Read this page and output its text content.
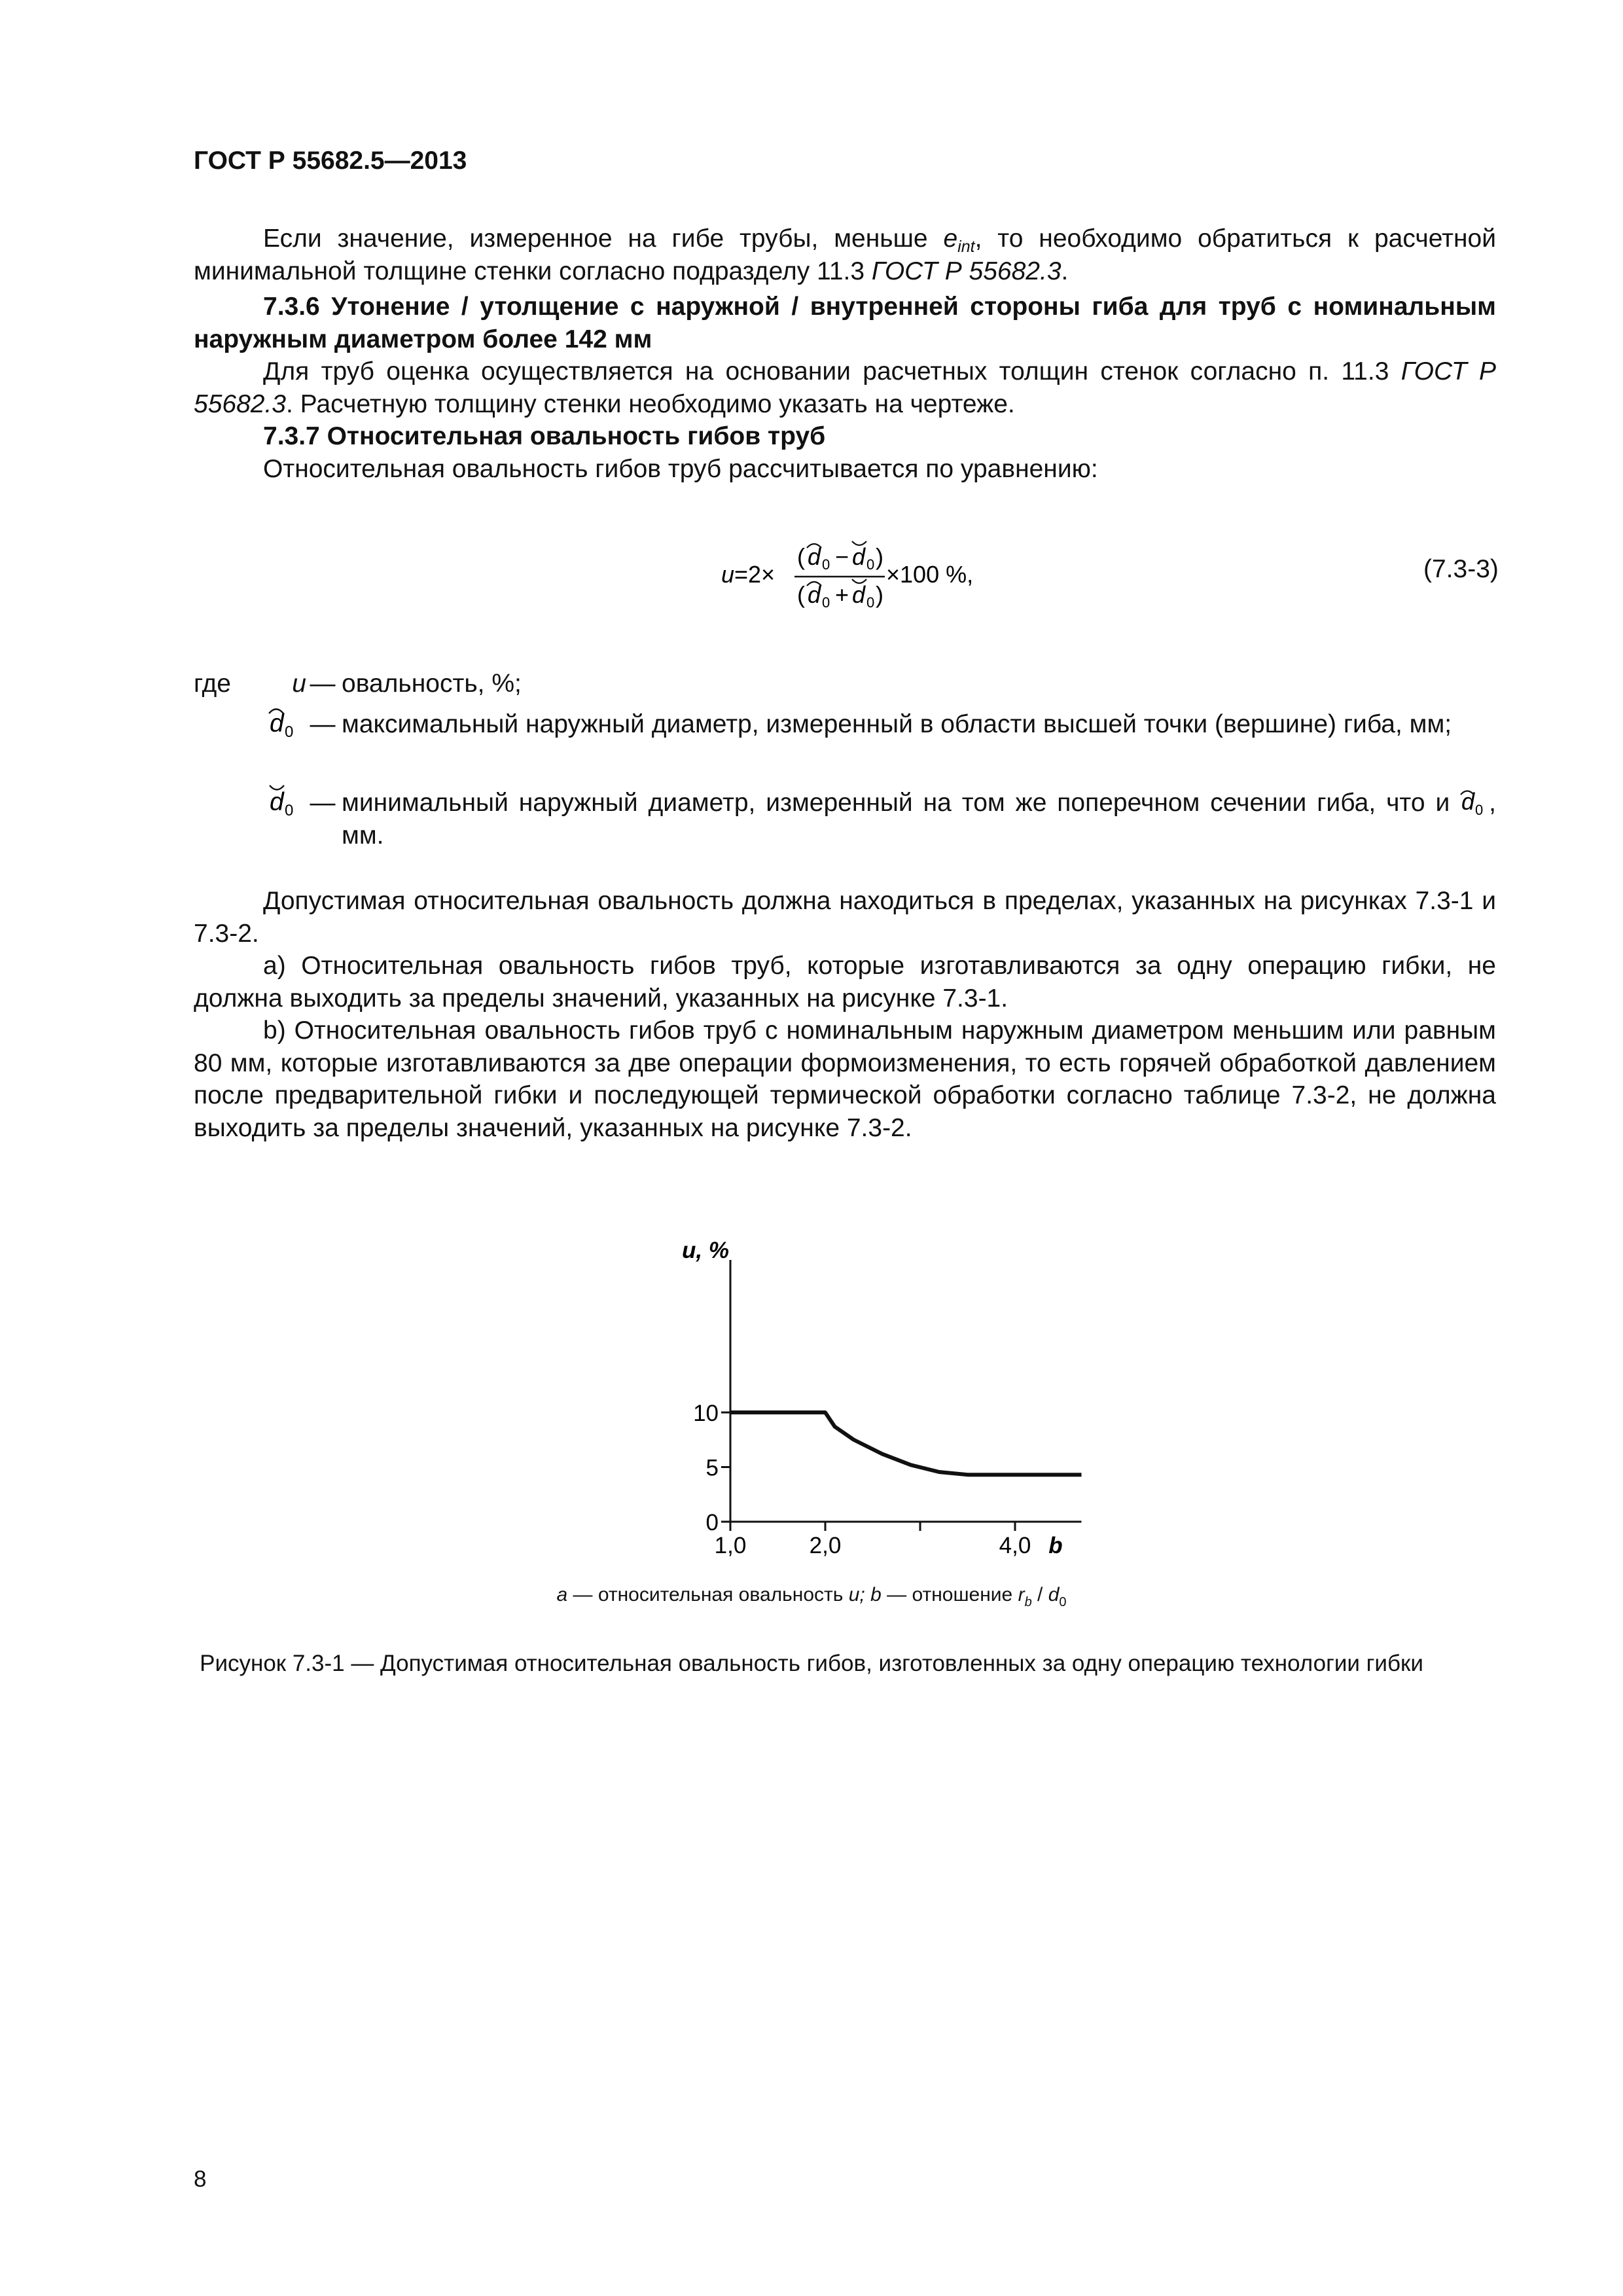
ГОСТ Р 55682.5—2013
Если значение, измеренное на гибе трубы, меньше $e_{int}$, то необходимо обратиться к расчетной минимальной толщине стенки согласно подразделу 11.3 ГОСТ Р 55682.3.
7.3.6 Утонение / утолщение с наружной / внутренней стороны гиба для труб с номинальным наружным диаметром более 142 мм
Для труб оценка осуществляется на основании расчетных толщин стенок согласно п. 11.3 ГОСТ Р 55682.3. Расчетную толщину стенки необходимо указать на чертеже.
7.3.7 Относительная овальность гибов труб
Относительная овальность гибов труб рассчитывается по уравнению:
u =2×
( d 0 − d 0 )
( d 0 + d 0 )
×100 %,	(7.3-3)
где	u — овальность, %;
d 0 — максимальный наружный диаметр, измеренный в области высшей точки (вершине) гиба, мм;
d 0 — минимальный наружный диаметр, измеренный на том же поперечном сечении гиба, что и d 0 , мм.
Допустимая относительная овальность должна находиться в пределах, указанных на рисунках 7.3-1 и 7.3-2.
а) Относительная овальность гибов труб, которые изготавливаются за одну операцию гибки, не должна выходить за пределы значений, указанных на рисунке 7.3-1.
b) Относительная овальность гибов труб с номинальным наружным диаметром меньшим или равным 80 мм, которые изготавливаются за две операции формоизменения, то есть горячей обработкой давлением после предварительной гибки и последующей термической обработки согласно таблице 7.3-2, не должна выходить за пределы значений, указанных на рисунке 7.3-2.
0
5
10
1,0	2,0	4,0
u, %
b
a — относительная овальность u; b — отношение $r_b / d_0$
Рисунок 7.3-1 — Допустимая относительная овальность гибов, изготовленных за одну операцию технологии гибки
8
